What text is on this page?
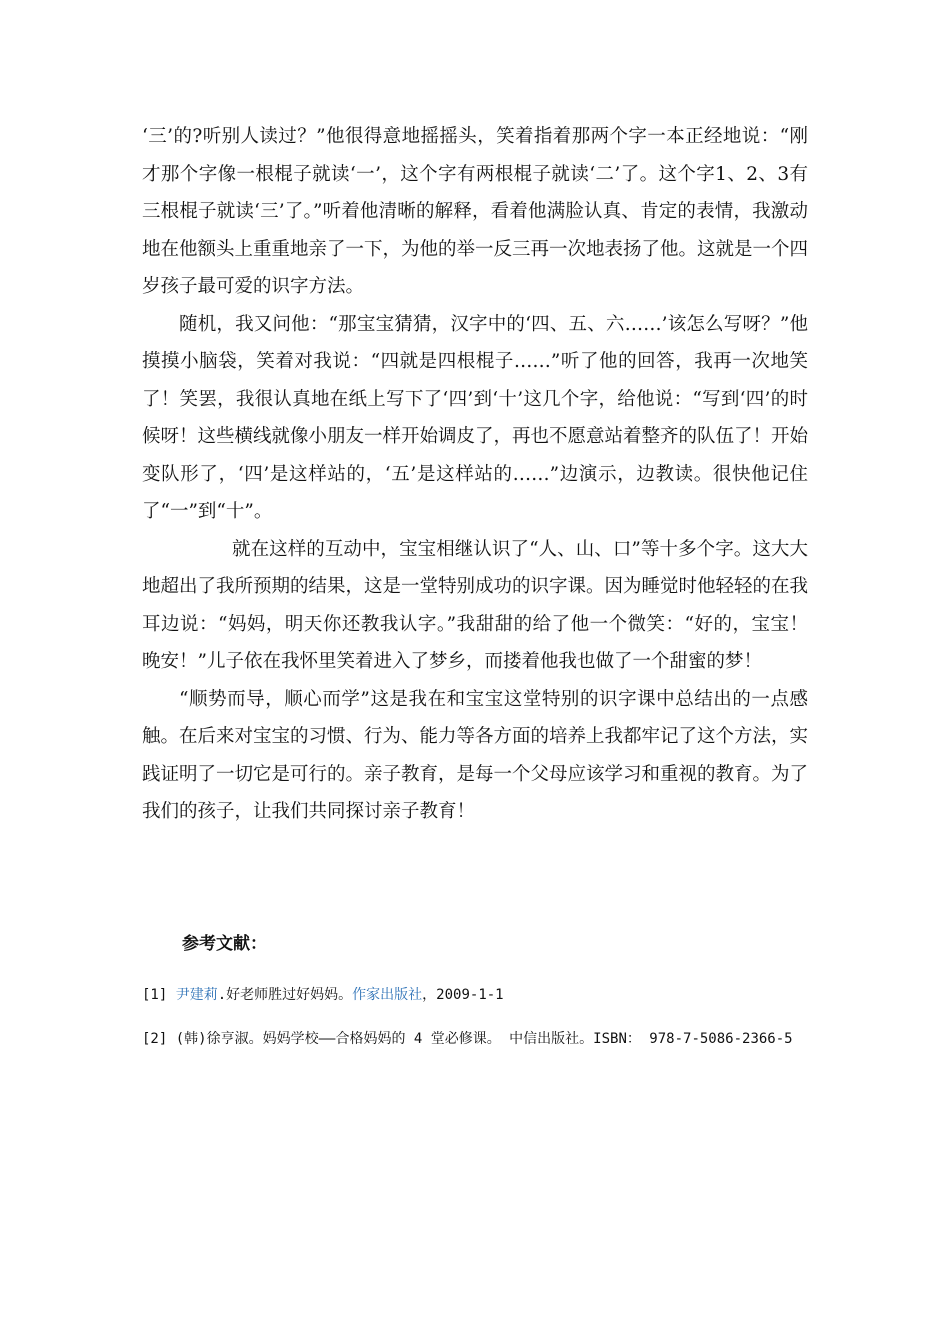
‘三’的?听别人读过？”他很得意地摇摇头，笑着指着那两个字一本正经地说：“刚才那个字像一根棍子就读‘一’，这个字有两根棍子就读‘二’了。这个字1、2、3有三根棍子就读‘三’了。”听着他清晰的解释，看着他满脸认真、肯定的表情，我激动地在他额头上重重地亲了一下，为他的举一反三再一次地表扬了他。这就是一个四岁孩子最可爱的识字方法。

随机，我又问他：“那宝宝猜猜，汉字中的‘四、五、六……’该怎么写呀？”他摸摸小脑袋，笑着对我说：“四就是四根棍子……”听了他的回答，我再一次地笑了！笑罢，我很认真地在纸上写下了‘四’到‘十’这几个字，给他说：“写到‘四’的时候呀！这些横线就像小朋友一样开始调皮了，再也不愿意站着整齐的队伍了！开始变队形了，‘四’是这样站的，‘五’是这样站的……”边演示，边教读。很快他记住了“一”到“十”。

就在这样的互动中，宝宝相继认识了“人、山、口”等十多个字。这大大地超出了我所预期的结果，这是一堂特别成功的识字课。因为睡觉时他轻轻的在我耳边说：“妈妈，明天你还教我认字。”我甜甜的给了他一个微笑：“好的，宝宝！晚安！”儿子依在我怀里笑着进入了梦乡，而搂着他我也做了一个甜蜜的梦！

“顺势而导，顺心而学”这是我在和宝宝这堂特别的识字课中总结出的一点感触。在后来对宝宝的习惯、行为、能力等各方面的培养上我都牢记了这个方法，实践证明了一切它是可行的。亲子教育，是每一个父母应该学习和重视的教育。为了我们的孩子，让我们共同探讨亲子教育！

参考文献：

[1] 尹建莉.好老师胜过好妈妈。作家出版社，2009-1-1

[2] (韩)徐亨淑。妈妈学校——合格妈妈的 4 堂必修课。 中信出版社。ISBN： 978-7-5086-2366-5
